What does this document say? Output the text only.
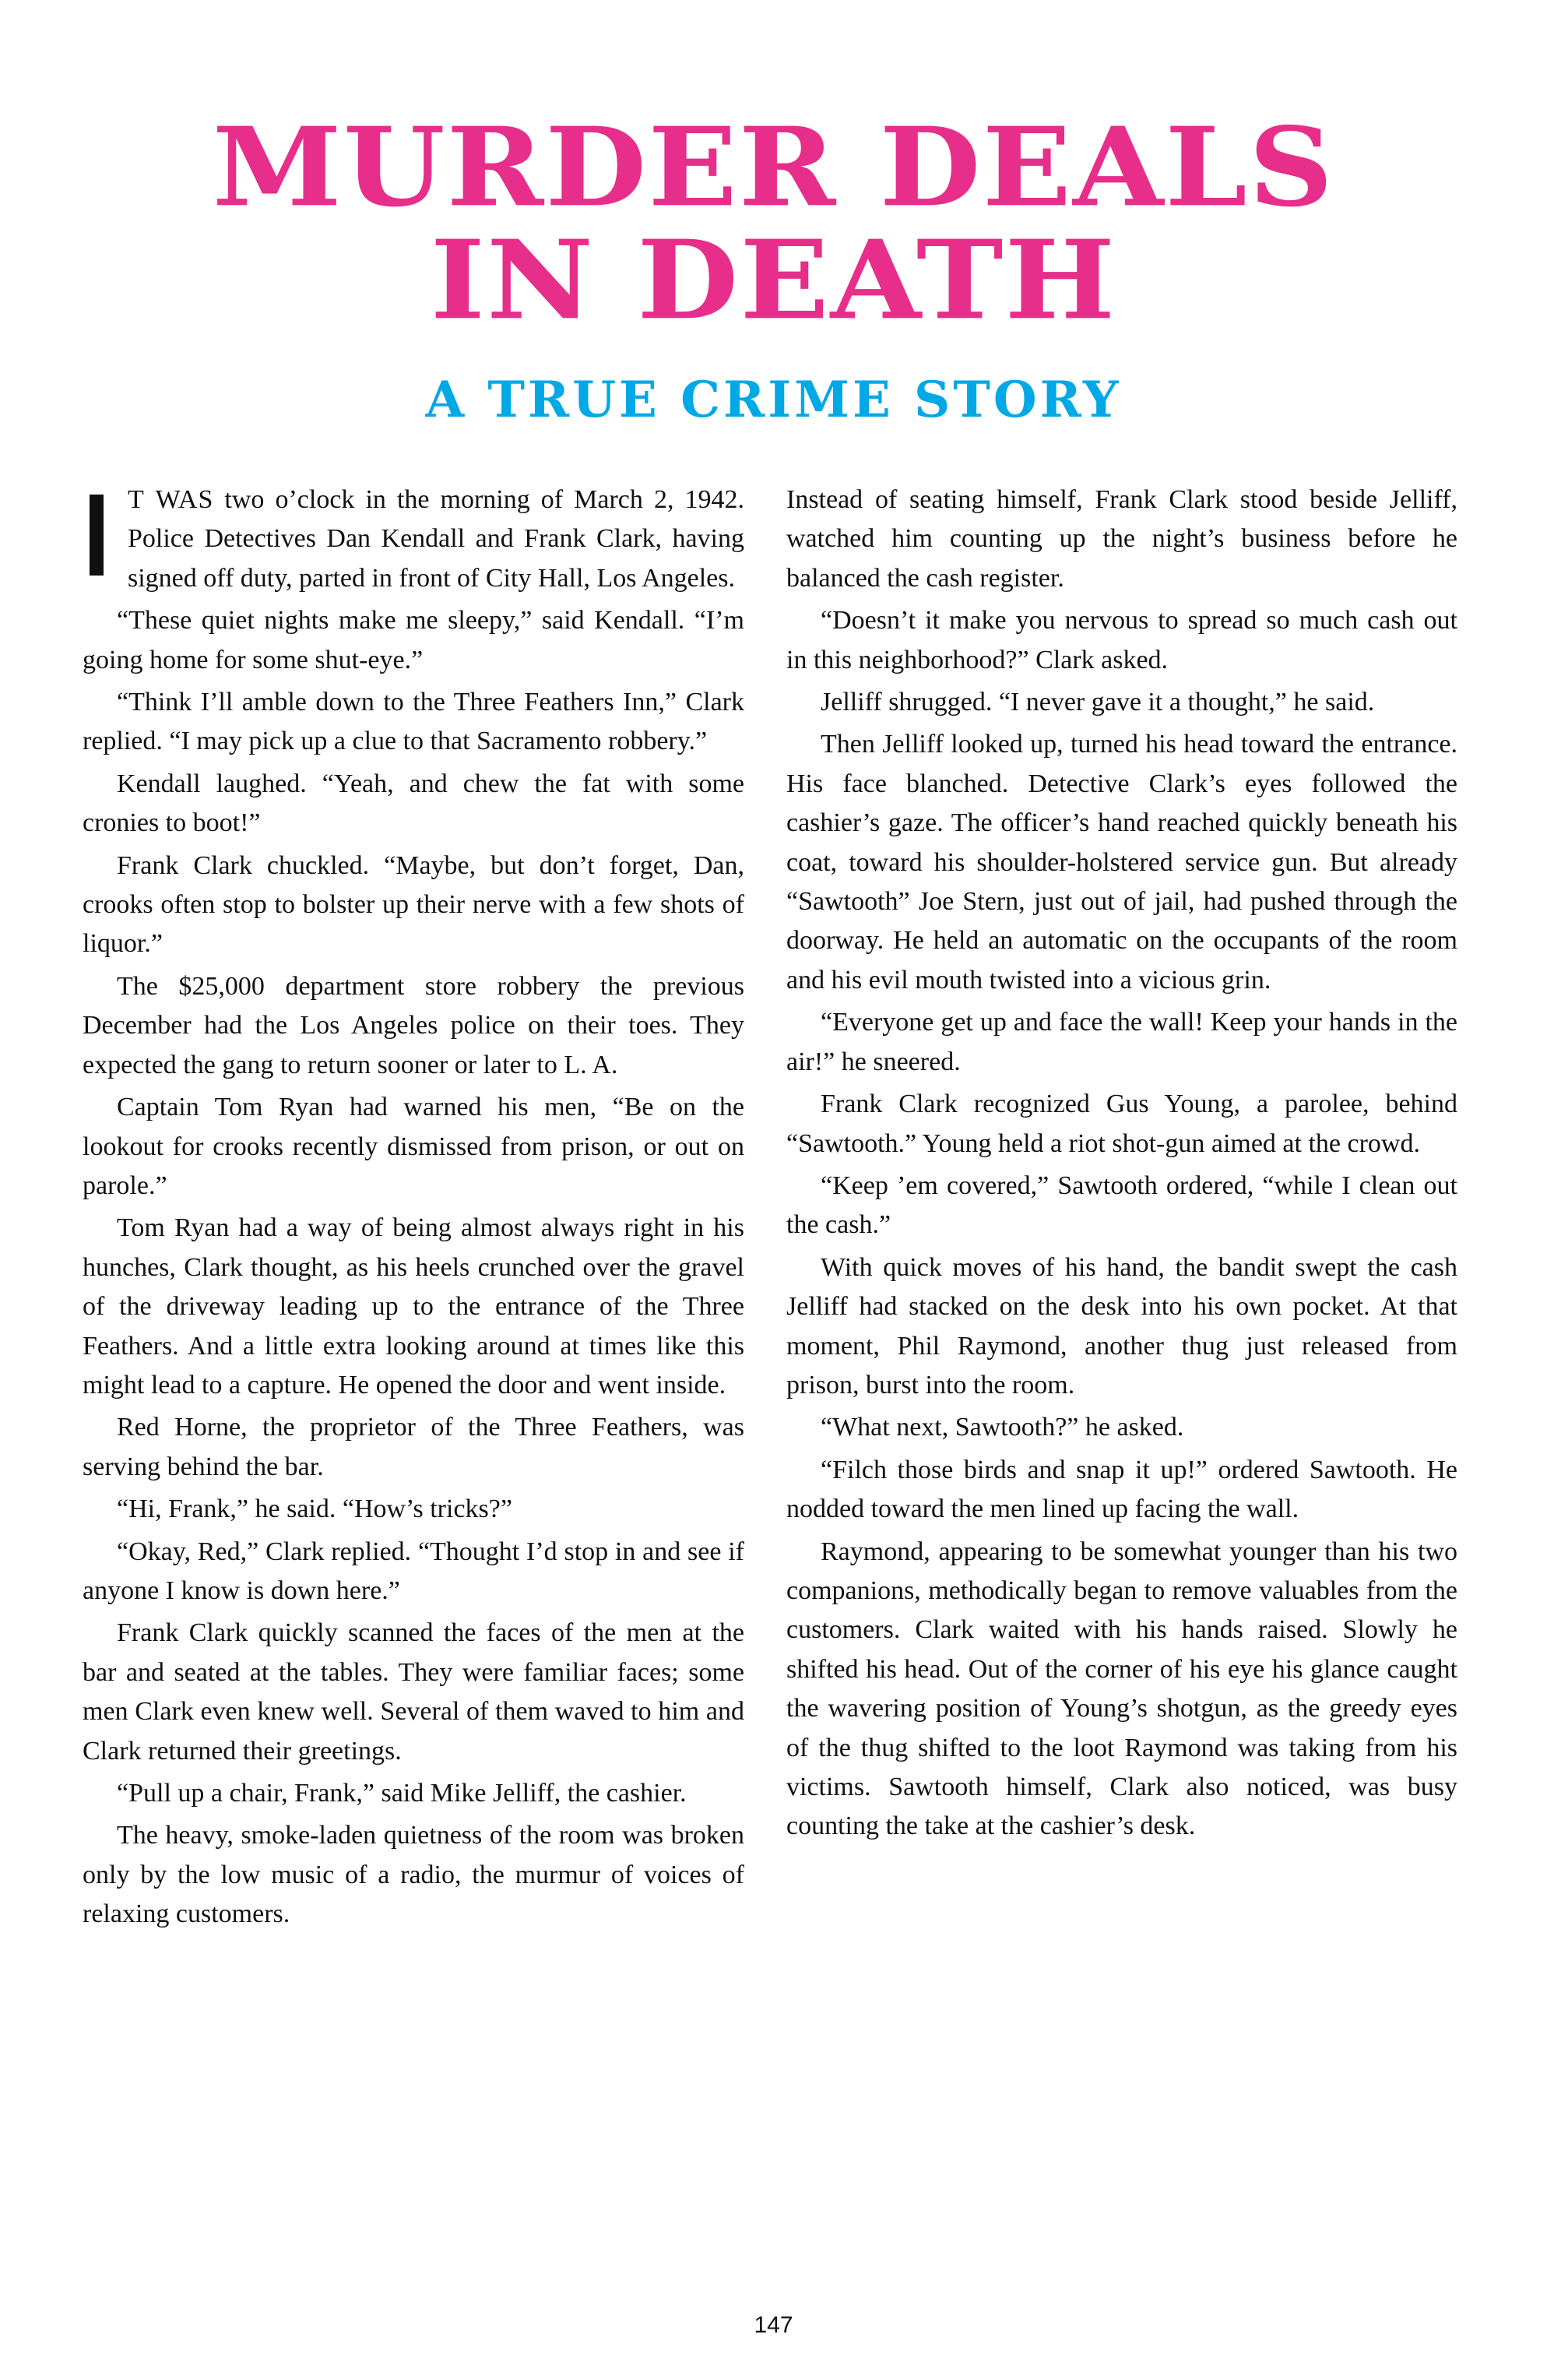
MURDER DEALS
IN DEATH
A TRUE CRIME STORY

T WAS two o’clock in the morning of March 2, 1942. Police Detectives Dan Kendall and Frank Clark, having signed off duty, parted in front of City Hall, Los Angeles.

“These quiet nights make me sleepy,” said Kendall. “I’m going home for some shut-eye.”

“Think I’ll amble down to the Three Feathers Inn,” Clark replied. “I may pick up a clue to that Sacramento robbery.”

Kendall laughed. “Yeah, and chew the fat with some cronies to boot!”

Frank Clark chuckled. “Maybe, but don’t forget, Dan, crooks often stop to bolster up their nerve with a few shots of liquor.”

The $25,000 department store robbery the previous December had the Los Angeles police on their toes. They expected the gang to return sooner or later to L. A.

Captain Tom Ryan had warned his men, “Be on the lookout for crooks recently dismissed from prison, or out on parole.”

Tom Ryan had a way of being almost always right in his hunches, Clark thought, as his heels crunched over the gravel of the driveway leading up to the entrance of the Three Feathers. And a little extra looking around at times like this might lead to a capture. He opened the door and went inside.

Red Horne, the proprietor of the Three Feathers, was serving behind the bar.

“Hi, Frank,” he said. “How’s tricks?”

“Okay, Red,” Clark replied. “Thought I’d stop in and see if anyone I know is down here.”

Frank Clark quickly scanned the faces of the men at the bar and seated at the tables. They were familiar faces; some men Clark even knew well. Several of them waved to him and Clark returned their greetings.

“Pull up a chair, Frank,” said Mike Jelliff, the cashier.

The heavy, smoke-laden quietness of the room was broken only by the low music of a radio, the murmur of voices of relaxing customers.

Instead of seating himself, Frank Clark stood beside Jelliff, watched him counting up the night’s business before he balanced the cash register.

“Doesn’t it make you nervous to spread so much cash out in this neighborhood?” Clark asked.

Jelliff shrugged. “I never gave it a thought,” he said.

Then Jelliff looked up, turned his head toward the entrance. His face blanched. Detective Clark’s eyes followed the cashier’s gaze. The officer’s hand reached quickly beneath his coat, toward his shoulder-holstered service gun. But already “Sawtooth” Joe Stern, just out of jail, had pushed through the doorway. He held an automatic on the occupants of the room and his evil mouth twisted into a vicious grin.

“Everyone get up and face the wall! Keep your hands in the air!” he sneered.

Frank Clark recognized Gus Young, a parolee, behind “Sawtooth.” Young held a riot shot-gun aimed at the crowd.

“Keep ’em covered,” Sawtooth ordered, “while I clean out the cash.”

With quick moves of his hand, the bandit swept the cash Jelliff had stacked on the desk into his own pocket. At that moment, Phil Raymond, another thug just released from prison, burst into the room.

“What next, Sawtooth?” he asked.

“Filch those birds and snap it up!” ordered Sawtooth. He nodded toward the men lined up facing the wall.

Raymond, appearing to be somewhat younger than his two companions, methodically began to remove valuables from the customers. Clark waited with his hands raised. Slowly he shifted his head. Out of the corner of his eye his glance caught the wavering position of Young’s shotgun, as the greedy eyes of the thug shifted to the loot Raymond was taking from his victims. Sawtooth himself, Clark also noticed, was busy counting the take at the cashier’s desk.

147
